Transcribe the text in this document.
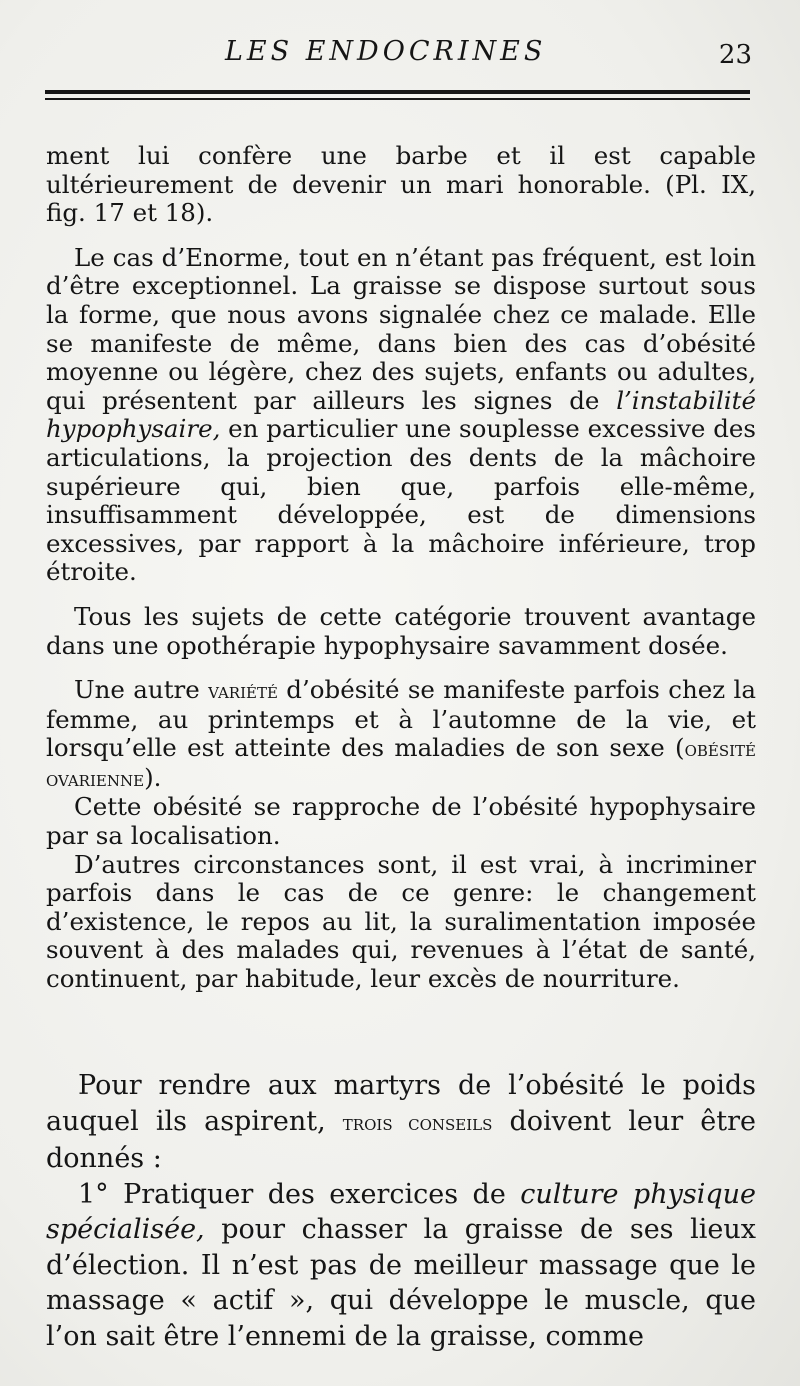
LES ENDOCRINES	23

ment lui confère une barbe et il est capable ultérieurement de devenir un mari honorable. (Pl. IX, fig. 17 et 18).

Le cas d’Enorme, tout en n’étant pas fréquent, est loin d’être exceptionnel. La graisse se dispose surtout sous la forme, que nous avons signalée chez ce malade. Elle se manifeste de même, dans bien des cas d’obésité moyenne ou légère, chez des sujets, enfants ou adultes, qui présentent par ailleurs les signes de l’instabilité hypophysaire, en particulier une souplesse excessive des articulations, la projection des dents de la mâchoire supérieure qui, bien que, parfois elle-même, insuffisamment développée, est de dimensions excessives, par rapport à la mâchoire inférieure, trop étroite.

Tous les sujets de cette catégorie trouvent avantage dans une opothérapie hypophysaire savamment dosée.

Une autre variété d’obésité se manifeste parfois chez la femme, au printemps et à l’automne de la vie, et lorsqu’elle est atteinte des maladies de son sexe (obésité ovarienne).

Cette obésité se rapproche de l’obésité hypophysaire par sa localisation.

D’autres circonstances sont, il est vrai, à incriminer parfois dans le cas de ce genre: le changement d’existence, le repos au lit, la suralimentation imposée souvent à des malades qui, revenues à l’état de santé, continuent, par habitude, leur excès de nourriture.

Pour rendre aux martyrs de l’obésité le poids auquel ils aspirent, trois conseils doivent leur être donnés :

1° Pratiquer des exercices de culture physique spécialisée, pour chasser la graisse de ses lieux d’élection. Il n’est pas de meilleur massage que le massage « actif », qui développe le muscle, que l’on sait être l’ennemi de la graisse, comme
